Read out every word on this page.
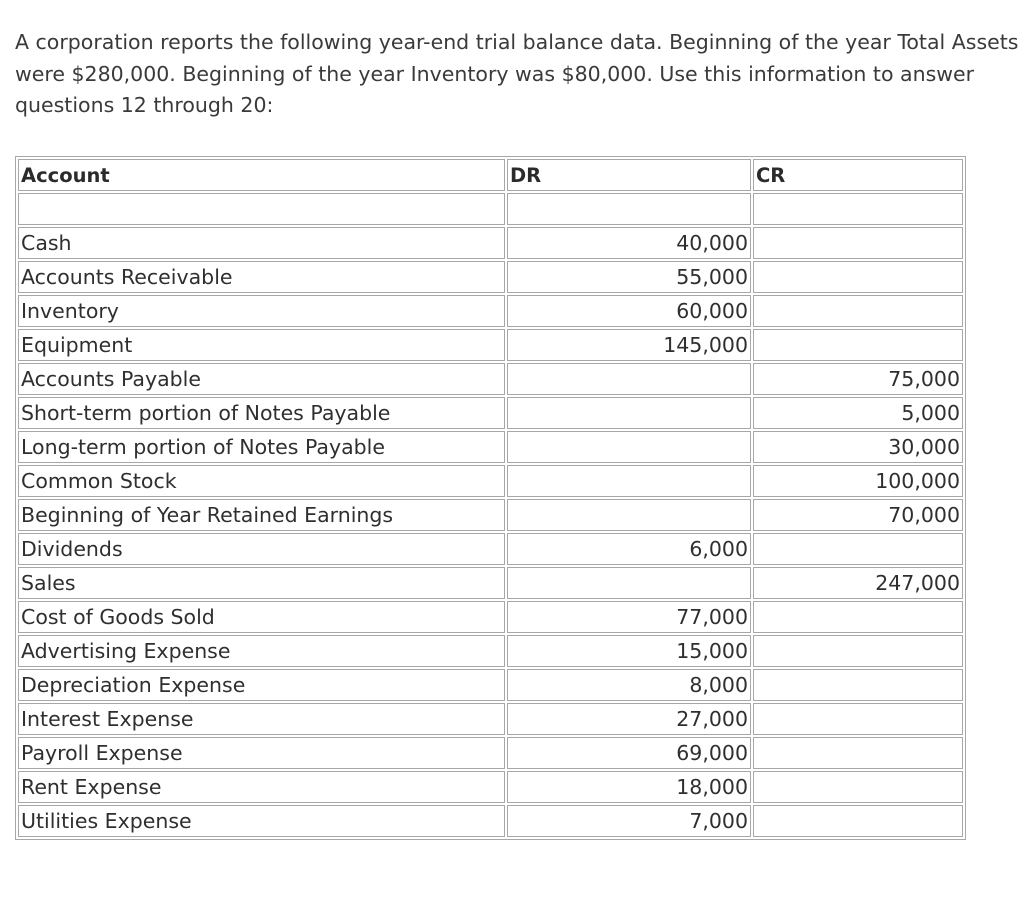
A corporation reports the following year-end trial balance data. Beginning of the year Total Assets
were $280,000. Beginning of the year Inventory was $80,000. Use this information to answer
questions 12 through 20:
Account	DR	CR

Cash	40,000	
Accounts Receivable	55,000	
Inventory	60,000	
Equipment	145,000	
Accounts Payable		75,000
Short-term portion of Notes Payable		5,000
Long-term portion of Notes Payable		30,000
Common Stock		100,000
Beginning of Year Retained Earnings		70,000
Dividends	6,000	
Sales		247,000
Cost of Goods Sold	77,000	
Advertising Expense	15,000	
Depreciation Expense	8,000	
Interest Expense	27,000	
Payroll Expense	69,000	
Rent Expense	18,000	
Utilities Expense	7,000	
